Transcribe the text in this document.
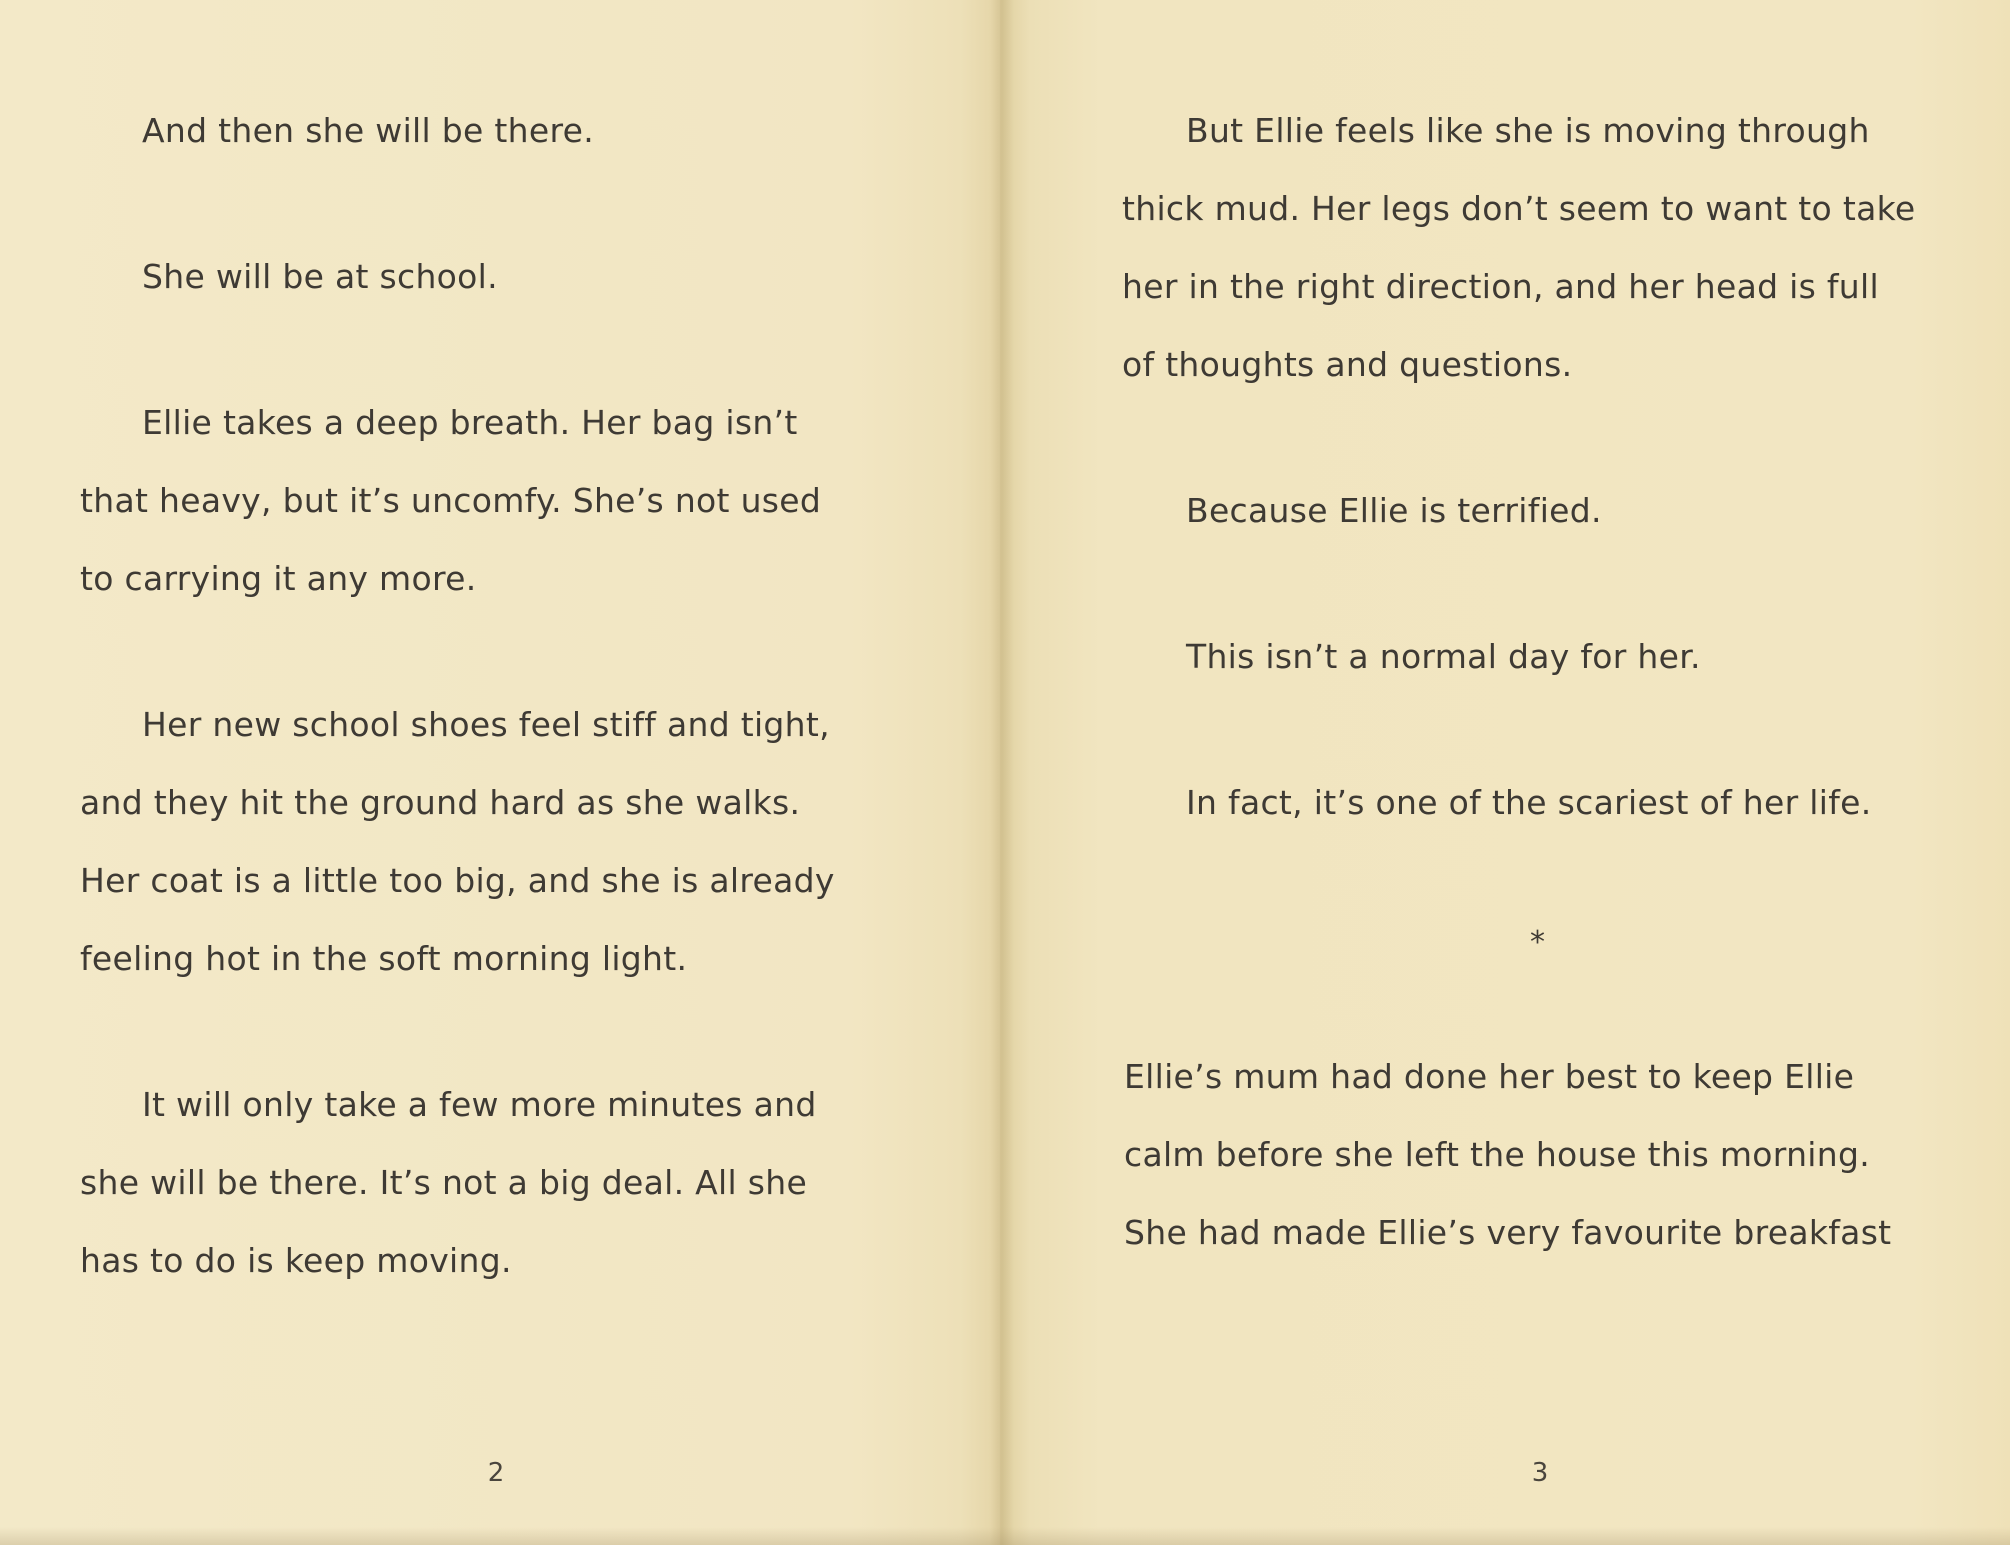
And then she will be there.

She will be at school.

Ellie takes a deep breath. Her bag isn’t

that heavy, but it’s uncomfy. She’s not used

to carrying it any more.

Her new school shoes feel stiff and tight,

and they hit the ground hard as she walks.

Her coat is a little too big, and she is already

feeling hot in the soft morning light.

It will only take a few more minutes and

she will be there. It’s not a big deal. All she

has to do is keep moving.

2

But Ellie feels like she is moving through

thick mud. Her legs don’t seem to want to take

her in the right direction, and her head is full

of thoughts and questions.

Because Ellie is terrified.

This isn’t a normal day for her.

In fact, it’s one of the scariest of her life.

*

Ellie’s mum had done her best to keep Ellie

calm before she left the house this morning.

She had made Ellie’s very favourite breakfast

3
